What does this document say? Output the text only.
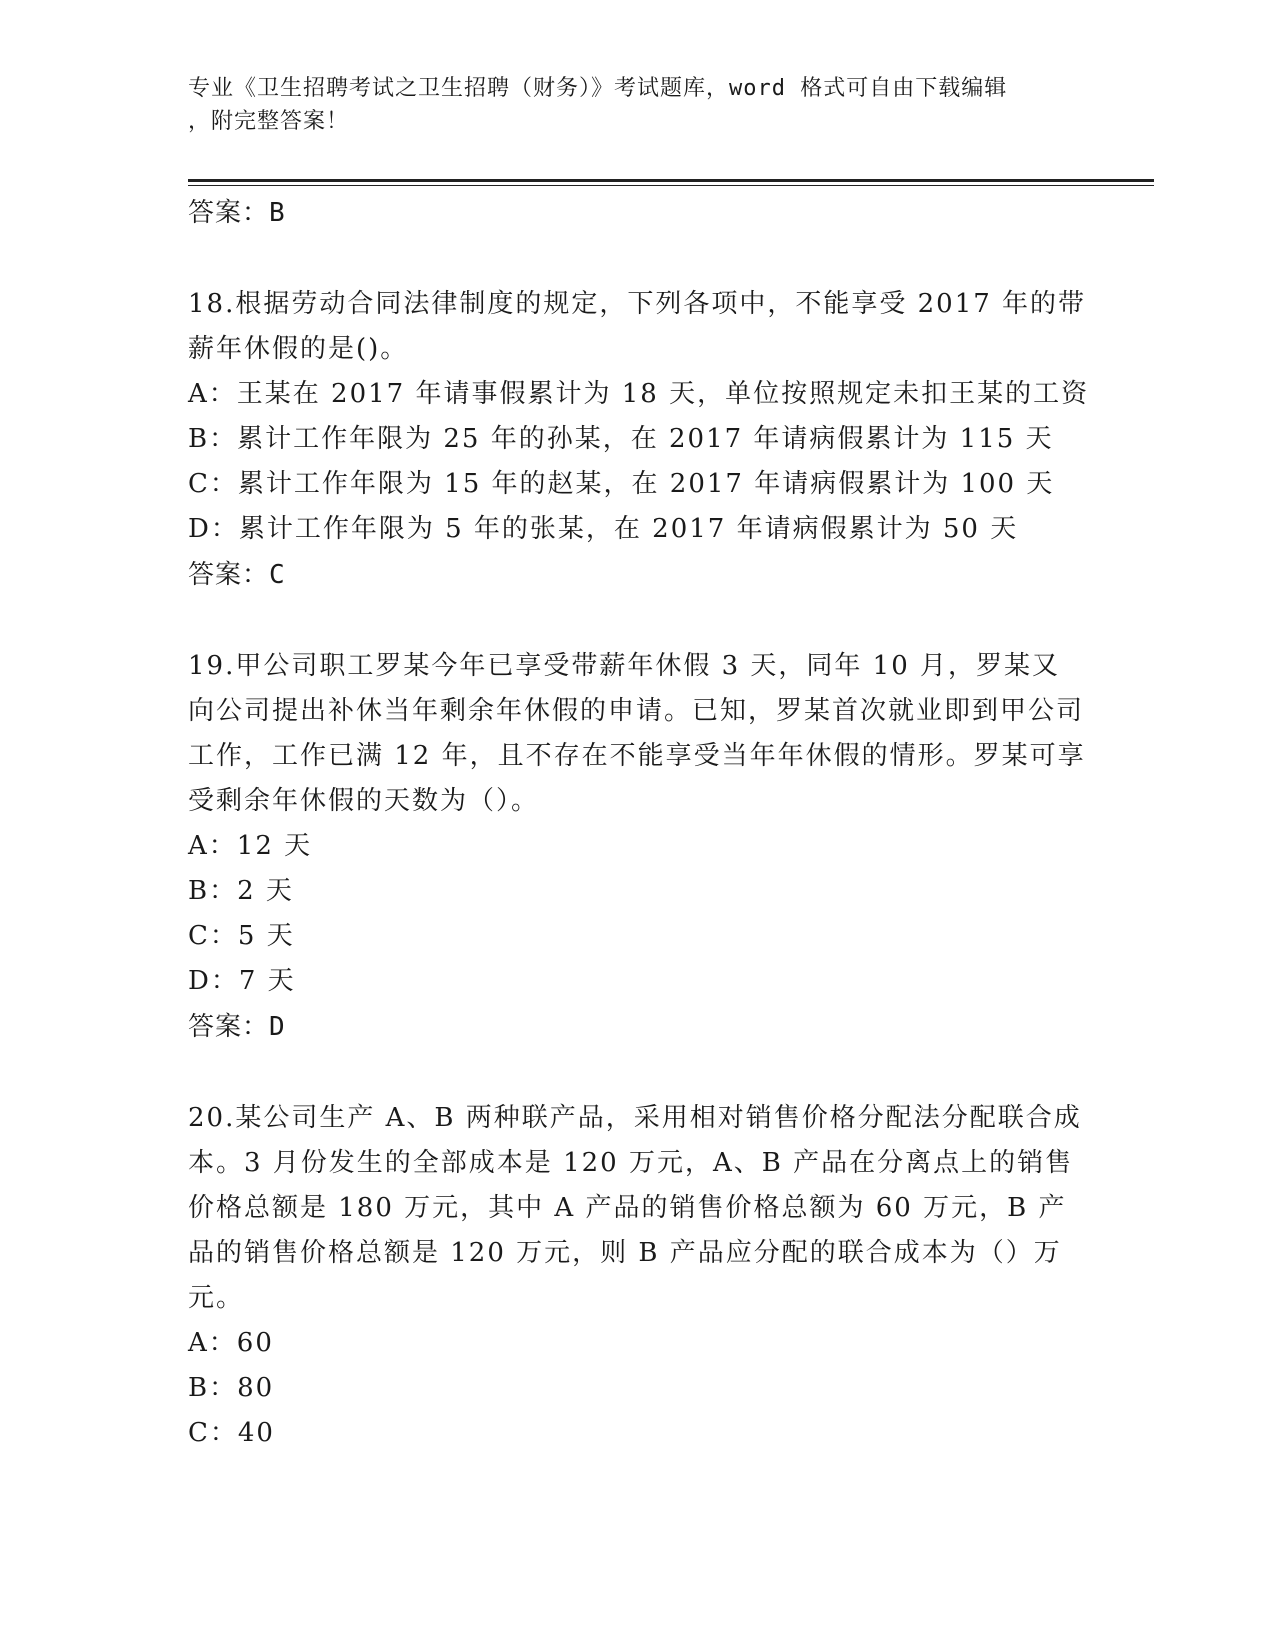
专业《卫生招聘考试之卫生招聘（财务）》考试题库，word 格式可自由下载编辑
，附完整答案！
答案：B
18.根据劳动合同法律制度的规定，下列各项中，不能享受 2017 年的带薪年休假的是()。
A：王某在 2017 年请事假累计为 18 天，单位按照规定未扣王某的工资
B：累计工作年限为 25 年的孙某，在 2017 年请病假累计为 115 天
C：累计工作年限为 15 年的赵某，在 2017 年请病假累计为 100 天
D：累计工作年限为 5 年的张某，在 2017 年请病假累计为 50 天
答案：C
19.甲公司职工罗某今年已享受带薪年休假 3 天，同年 10 月，罗某又向公司提出补休当年剩余年休假的申请。已知，罗某首次就业即到甲公司工作，工作已满 12 年，且不存在不能享受当年年休假的情形。罗某可享受剩余年休假的天数为（）。
A：12 天
B：2 天
C：5 天
D：7 天
答案：D
20.某公司生产 A、B 两种联产品，采用相对销售价格分配法分配联合成本。3 月份发生的全部成本是 120 万元，A、B 产品在分离点上的销售价格总额是 180 万元，其中 A 产品的销售价格总额为 60 万元，B 产品的销售价格总额是 120 万元，则 B 产品应分配的联合成本为（）万元。
A：60
B：80
C：40
